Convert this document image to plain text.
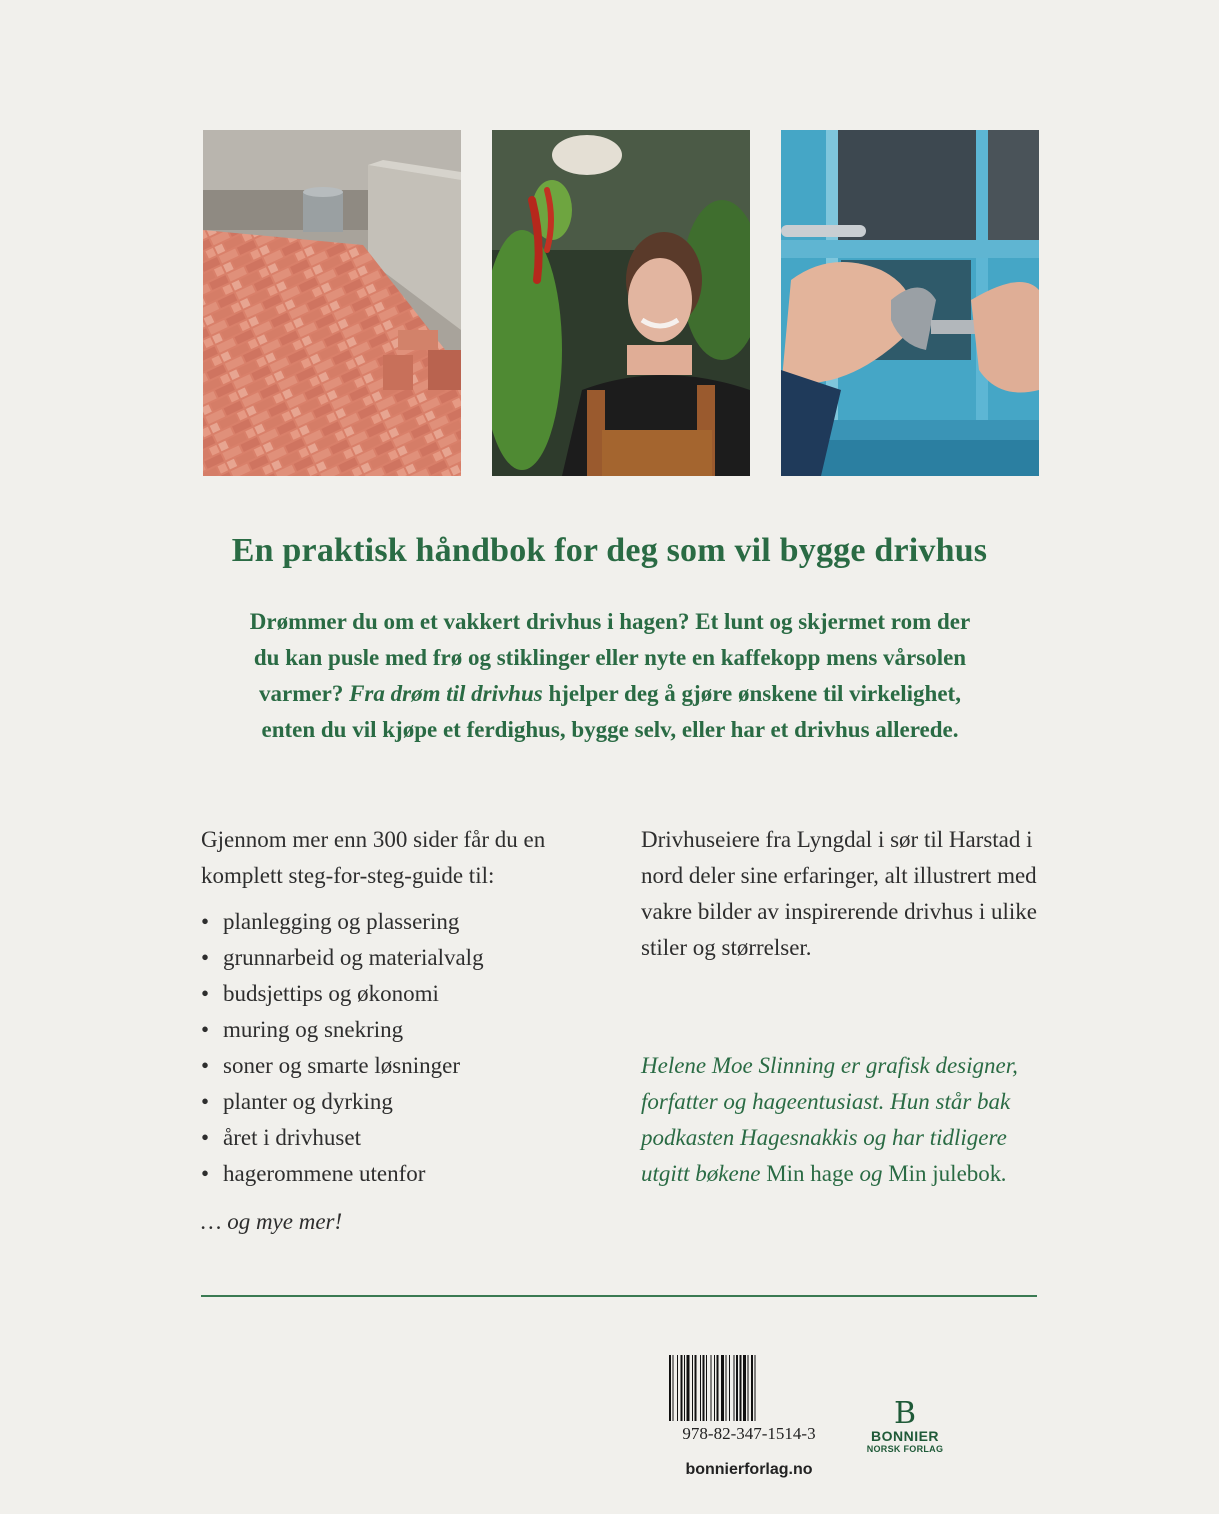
En praktisk håndbok for deg som vil bygge drivhus
Drømmer du om et vakkert drivhus i hagen? Et lunt og skjermet rom der du kan pusle med frø og stiklinger eller nyte en kaffekopp mens vårsolen varmer? Fra drøm til drivhus hjelper deg å gjøre ønskene til virkelighet, enten du vil kjøpe et ferdighus, bygge selv, eller har et drivhus allerede.
Gjennom mer enn 300 sider får du en komplett steg-for-steg-guide til:
• planlegging og plassering
• grunnarbeid og materialvalg
• budsjettips og økonomi
• muring og snekring
• soner og smarte løsninger
• planter og dyrking
• året i drivhuset
• hagerommene utenfor
… og mye mer!
Drivhuseiere fra Lyngdal i sør til Harstad i nord deler sine erfaringer, alt illustrert med vakre bilder av inspirerende drivhus i ulike stiler og størrelser.
Helene Moe Slinning er grafisk designer, forfatter og hageentusiast. Hun står bak podkasten Hagesnakkis og har tidligere utgitt bøkene Min hage og Min julebok.
978-82-347-1514-3
bonnierforlag.no
B
BONNIER
NORSK FORLAG
